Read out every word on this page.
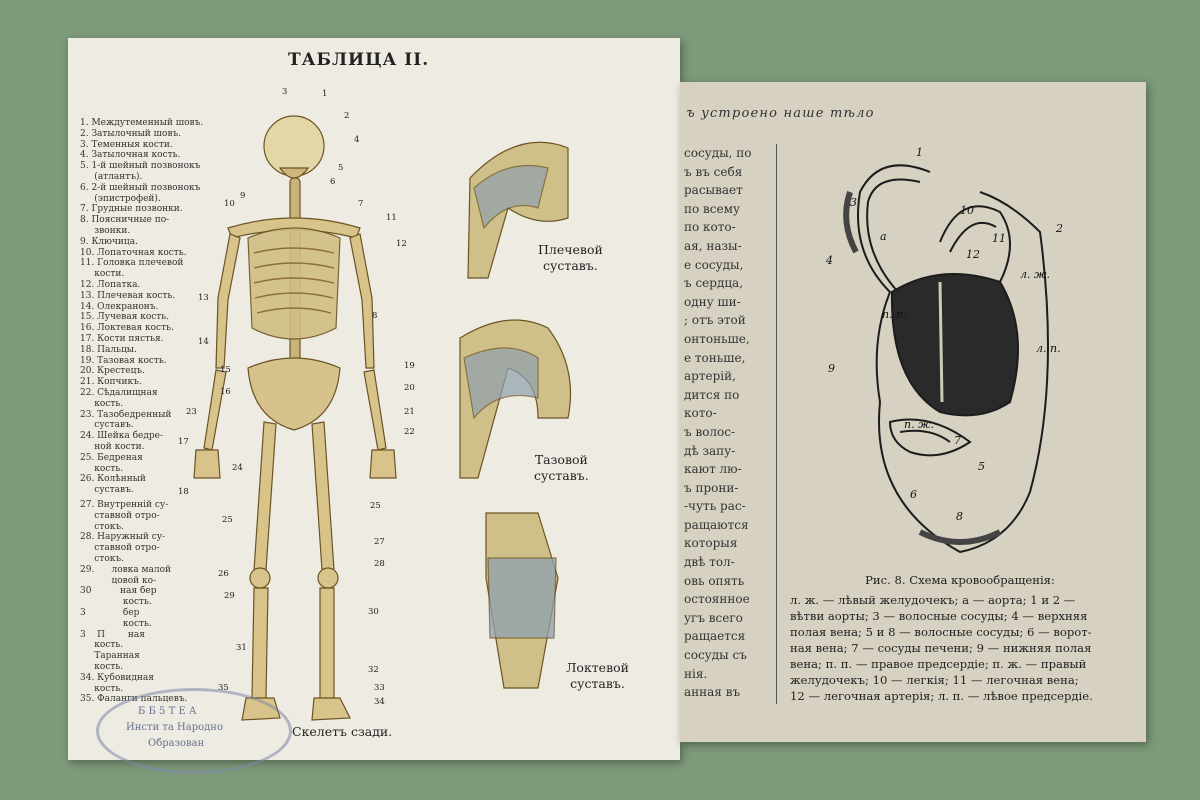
ТАБЛИЦА II.
1. Междутеменный шовъ.
2. Затылочный шовъ.
3. Теменныя кости.
4. Затылочная кость.
5. 1-й шейный позвонокъ
(атлантъ).
6. 2-й шейный позвонокъ
(эпистрофей).
7. Грудные позвонки.
8. Поясничные по-
звонки.
9. Ключица.
10. Лопаточная кость.
11. Головка плечевой
кости.
12. Лопатка.
13. Плечевая кость.
14. Олекранонъ.
15. Лучевая кость.
16. Локтевая кость.
17. Кости пястья.
18. Пальцы.
19. Тазовая кость.
20. Крестецъ.
21. Копчикъ.
22. Сѣдалищная
кость.
23. Тазобедренный
суставъ.
24. Шейка бедре-
ной кости.
25. Бедреная
кость.
26. Колѣнный
суставъ.
27. Внутренній су-
ставной отро-
стокъ.
28. Наружный су-
ставной отро-
стокъ.
29.      ловка малой
цовой ко-
30          ная бер
кость.
3             бер
кость.
3    П        ная
кость.
Таранная
кость.
34. Кубовидная
кость.
35. Фаланги пальцевъ.
1
2
3
4
5
6
7
8
9
10
11
12
13
14
15
16
17
18
19
20
21
22
23
24
25
25
26
27
28
29
30
31
32
33
34
35
Плечевой
суставъ.
Тазовой
суставъ.
Локтевой
суставъ.
Скелетъ сзади.
Б Б 5 Т Е А
Инсти та Народно
Образован
ъ устроено наше тѣло
сосуды, по
ъ въ себя
расывает
по всему
по кото-
ая, назы-
е сосуды,
ъ сердца,
одну ши-
; отъ этой
онтоньше,
е тоньше,
артерій,
дится по
кото-
ъ волос-
дѣ запу-
кают лю-
ъ прони-
-чуть рас-
ращаются
которыя
двѣ тол-
овь опять
остоянное
угъ всего
ращается
сосуды съ
нія.
анная въ
1
2
3
4
5
6
7
8
9
10
11
12
а
л. ж.
п. п.
п. ж.
л. п.
Рис. 8. Схема кровообращенія:
л. ж. — лѣвый желудочекъ; а — аорта; 1 и 2 —
вѣтви аорты; 3 — волосные сосуды; 4 — верхняя
полая вена; 5 и 8 — волосные сосуды; 6 — ворот-
ная вена; 7 — сосуды печени; 9 — нижняя полая
вена; п. п. — правое предсердіе; п. ж. — правый
желудочекъ; 10 — легкія; 11 — легочная вена;
12 — легочная артерія; л. п. — лѣвое предсердіе.
